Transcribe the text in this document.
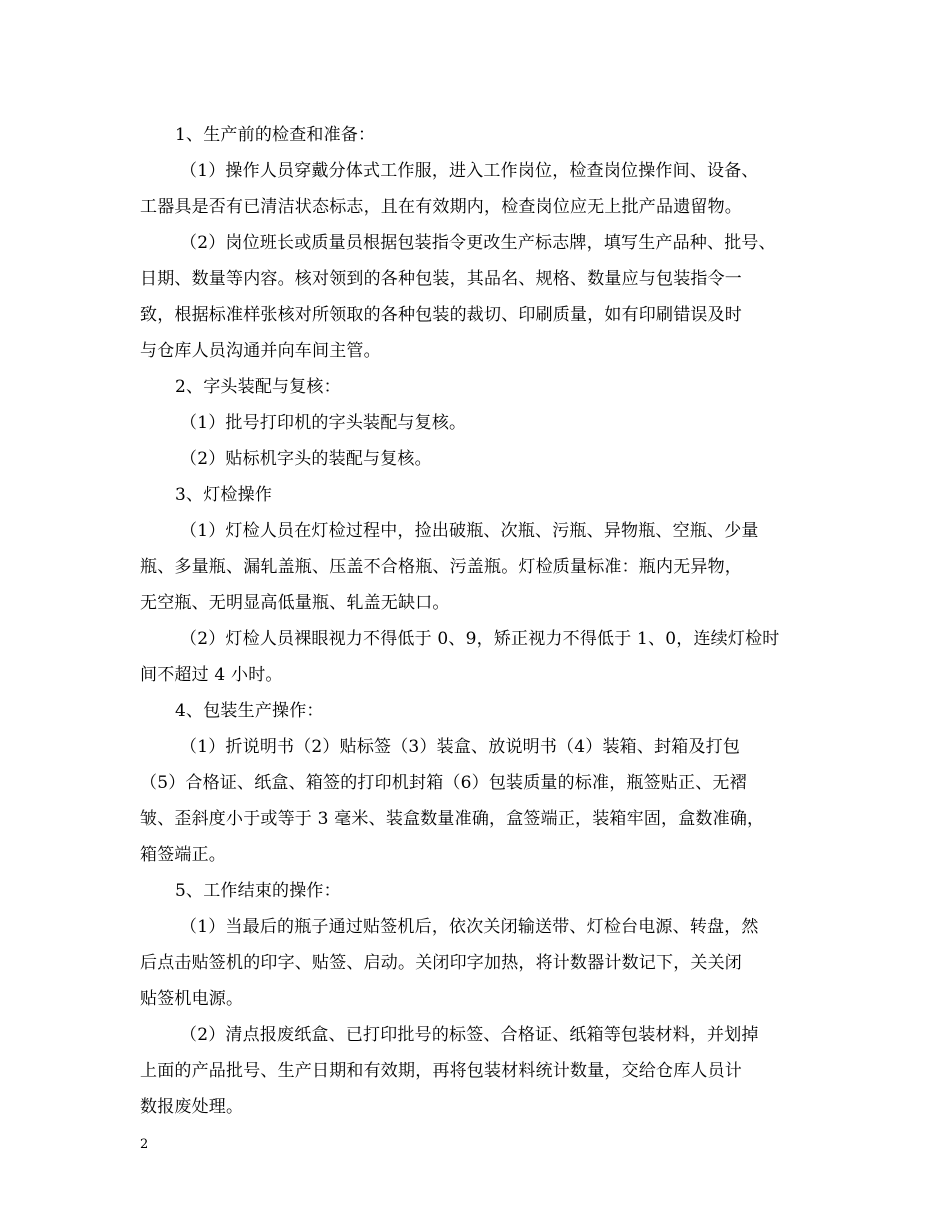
1、生产前的检查和准备：
（1）操作人员穿戴分体式工作服，进入工作岗位，检查岗位操作间、设备、
工器具是否有已清洁状态标志，且在有效期内，检查岗位应无上批产品遗留物。
（2）岗位班长或质量员根据包装指令更改生产标志牌，填写生产品种、批号、
日期、数量等内容。核对领到的各种包装，其品名、规格、数量应与包装指令一
致，根据标准样张核对所领取的各种包装的裁切、印刷质量，如有印刷错误及时
与仓库人员沟通并向车间主管。
2、字头装配与复核：
（1）批号打印机的字头装配与复核。
（2）贴标机字头的装配与复核。
3、灯检操作
（1）灯检人员在灯检过程中，捡出破瓶、次瓶、污瓶、异物瓶、空瓶、少量
瓶、多量瓶、漏轧盖瓶、压盖不合格瓶、污盖瓶。灯检质量标准：瓶内无异物，
无空瓶、无明显高低量瓶、轧盖无缺口。
（2）灯检人员裸眼视力不得低于 0、9，矫正视力不得低于 1、0，连续灯检时
间不超过 4 小时。
4、包装生产操作：
（1）折说明书（2）贴标签（3）装盒、放说明书（4）装箱、封箱及打包
（5）合格证、纸盒、箱签的打印机封箱（6）包装质量的标准，瓶签贴正、无褶
皱、歪斜度小于或等于 3 毫米、装盒数量准确，盒签端正，装箱牢固，盒数准确，
箱签端正。
5、工作结束的操作：
（1）当最后的瓶子通过贴签机后，依次关闭输送带、灯检台电源、转盘，然
后点击贴签机的印字、贴签、启动。关闭印字加热，将计数器计数记下，关关闭
贴签机电源。
（2）清点报废纸盒、已打印批号的标签、合格证、纸箱等包装材料，并划掉
上面的产品批号、生产日期和有效期，再将包装材料统计数量，交给仓库人员计
数报废处理。
2
